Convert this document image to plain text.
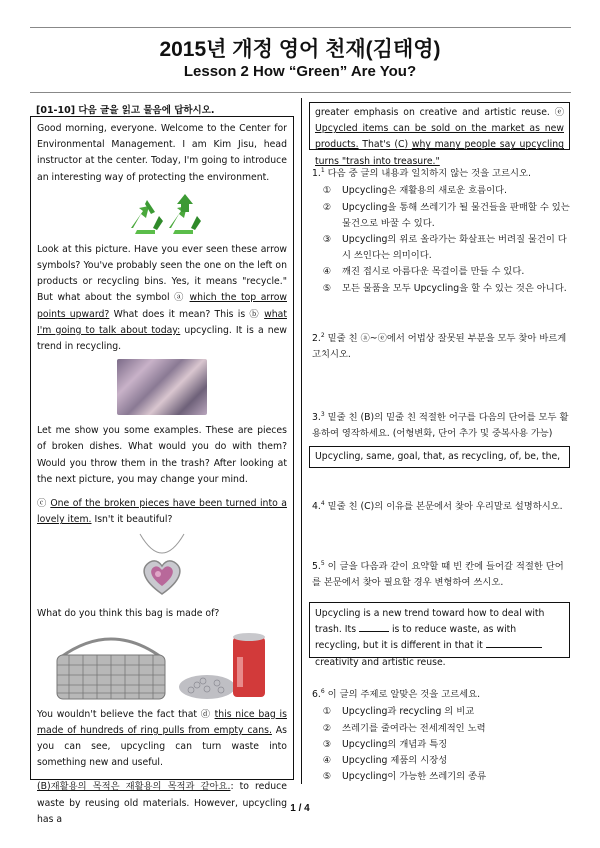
2015년 개정 영어 천재(김태영)
Lesson 2 How “Green” Are You?
[01-10] 다음 글을 읽고 물음에 답하시오.

Good morning, everyone. Welcome to the Center for Environmental Management. I am Kim Jisu, head instructor at the center. Today, I'm going to introduce an interesting way of protecting the environment.

Look at this picture. Have you ever seen these arrow symbols? You've probably seen the one on the left on products or recycling bins. Yes, it means "recycle." But what about the symbol ⓐ which the top arrow points upward? What does it mean? This is ⓑ what I'm going to talk about today: upcycling. It is a new trend in recycling.

Let me show you some examples. These are pieces of broken dishes. What would you do with them? Would you throw them in the trash? After looking at the next picture, you may change your mind.

ⓒ One of the broken pieces have been turned into a lovely item. Isn't it beautiful?

What do you think this bag is made of?

You wouldn't believe the fact that ⓓ this nice bag is made of hundreds of ring pulls from empty cans. As you can see, upcycling can turn waste into something new and useful.

(B)재활용의 목적은 재활용의 목적과 같아요.: to reduce waste by reusing old materials. However, upcycling has a

greater emphasis on creative and artistic reuse. ⓔ Upcycled items can be sold on the market as new products. That's (C) why many people say upcycling turns "trash into treasure."

1.$^1$ 다음 중 글의 내용과 일치하지 않는 것을 고르시오.
①	Upcycling은 재활용의 새로운 흐름이다.
②	Upcycling을 통해 쓰레기가 될 물건들을 판매할 수 있는 물건으로 바꿀 수 있다.
③	Upcycling의 위로 올라가는 화살표는 버려질 물건이 다시 쓰인다는 의미이다.
④	깨진 접시로 아름다운 목걸이를 만들 수 있다.
⑤	모든 물품을 모두 Upcycling을 할 수 있는 것은 아니다.
2.$^2$ 밑줄 친 ⓐ~ⓔ에서 어법상 잘못된 부분을 모두 찾아 바르게 고치시오.
3.$^3$ 밑줄 친 (B)의 밑줄 친 적절한 어구를 다음의 단어를 모두 활용하여 영작하세요. (어형변화, 단어 추가 및 중복사용 가능)
Upcycling, same, goal, that, as recycling, of, be, the,
4.$^4$ 밑줄 친 (C)의 이유를 본문에서 찾아 우리말로 설명하시오.
5.$^5$ 이 글을 다음과 같이 요약할 때 빈 칸에 들어갈 적절한 단어를 본문에서 찾아 필요할 경우 변형하여 쓰시오.
Upcycling is a new trend toward how to deal with trash. Its	is to reduce waste, as with recycling, but it is different in that it  creativity and artistic reuse.
6.$^6$ 이 글의 주제로 알맞은 것을 고르세요.
①	Upcycling과 recycling 의 비교
②	쓰레기를 줄여라는 전세계적인 노력
③	Upcycling의 개념과 특징
④	Upcycling 제품의 시장성
⑤	Upcycling이 가능한 쓰레기의 종류
1 / 4
